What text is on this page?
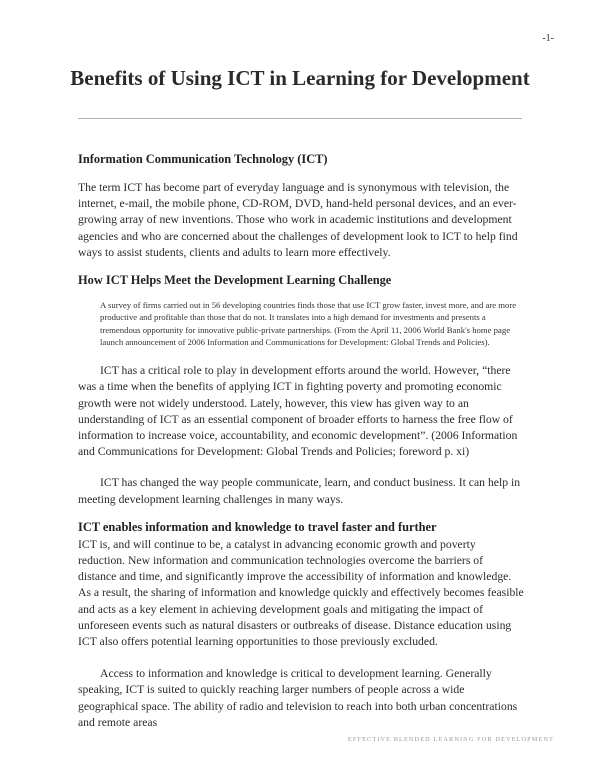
-1-
Benefits of Using ICT in Learning for Development
Information Communication Technology (ICT)

The term ICT has become part of everyday language and is synonymous with television, the internet, e-mail, the mobile phone, CD-ROM, DVD, hand-held personal devices, and an ever-growing array of new inventions. Those who work in academic institutions and development agencies and who are concerned about the challenges of development look to ICT to help find ways to assist students, clients and adults to learn more effectively.

How ICT Helps Meet the Development Learning Challenge

A survey of firms carried out in 56 developing countries finds those that use ICT grow faster, invest more, and are more productive and profitable than those that do not. It translates into a high demand for investments and presents a tremendous opportunity for innovative public-private partnerships. (From the April 11, 2006 World Bank's home page launch announcement of 2006 Information and Communications for Development: Global Trends and Policies).

ICT has a critical role to play in development efforts around the world. However, “there was a time when the benefits of applying ICT in fighting poverty and promoting economic growth were not widely understood. Lately, however, this view has given way to an understanding of ICT as an essential component of broader efforts to harness the free flow of information to increase voice, accountability, and economic development”. (2006 Information and Communications for Development: Global Trends and Policies; foreword p. xi)

ICT has changed the way people communicate, learn, and conduct business. It can help in meeting development learning challenges in many ways.

ICT enables information and knowledge to travel faster and further

ICT is, and will continue to be, a catalyst in advancing economic growth and poverty reduction. New information and communication technologies overcome the barriers of distance and time, and significantly improve the accessibility of information and knowledge. As a result, the sharing of information and knowledge quickly and effectively becomes feasible and acts as a key element in achieving development goals and mitigating the impact of unforeseen events such as natural disasters or outbreaks of disease. Distance education using ICT also offers potential learning opportunities to those previously excluded.

Access to information and knowledge is critical to development learning. Generally speaking, ICT is suited to quickly reaching larger numbers of people across a wide geographical space. The ability of radio and television to reach into both urban concentrations and remote areas

EFFECTIVE BLENDED LEARNING FOR DEVELOPMENT
